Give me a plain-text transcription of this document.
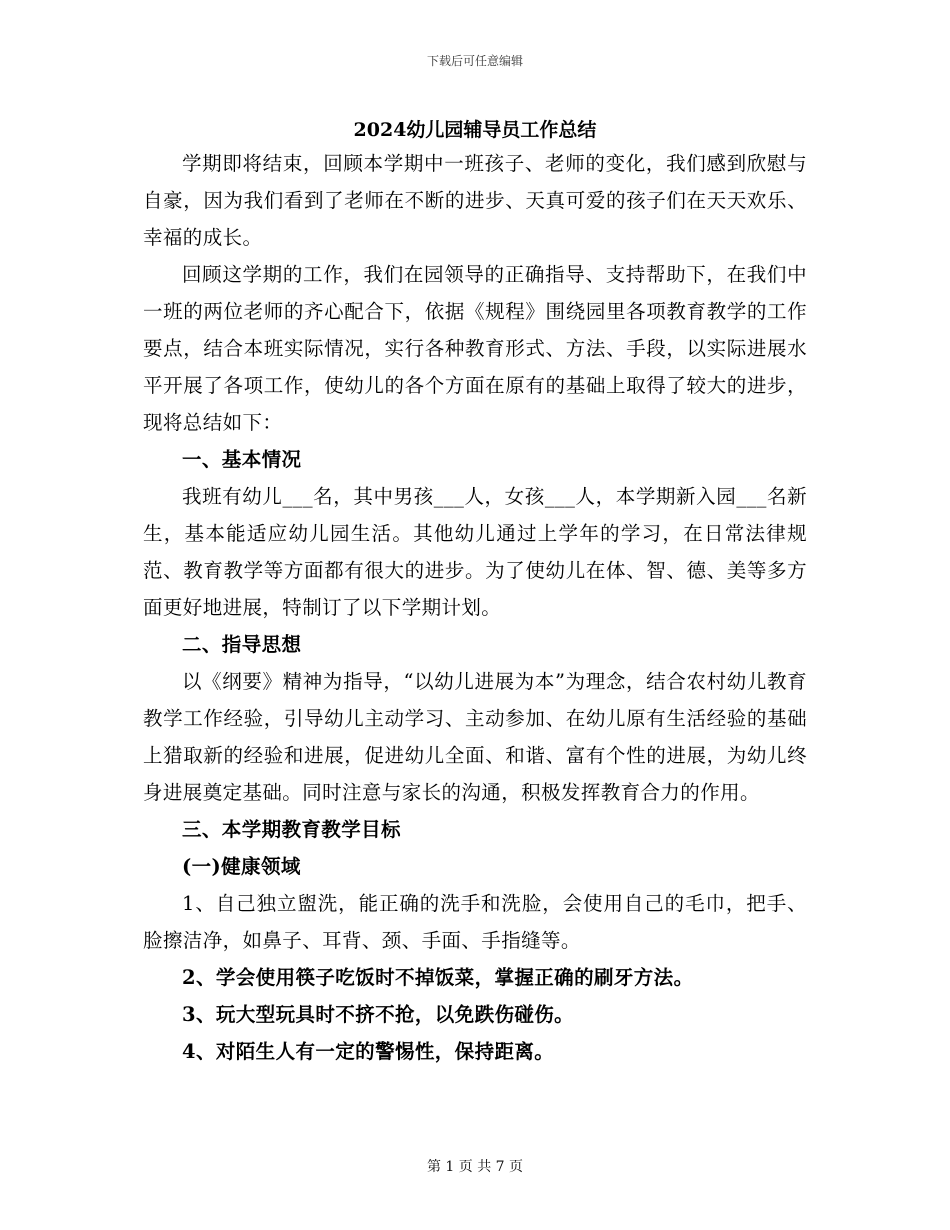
下载后可任意编辑
2024幼儿园辅导员工作总结

学期即将结束，回顾本学期中一班孩子、老师的变化，我们感到欣慰与自豪，因为我们看到了老师在不断的进步、天真可爱的孩子们在天天欢乐、幸福的成长。

回顾这学期的工作，我们在园领导的正确指导、支持帮助下，在我们中一班的两位老师的齐心配合下，依据《规程》围绕园里各项教育教学的工作要点，结合本班实际情况，实行各种教育形式、方法、手段，以实际进展水平开展了各项工作，使幼儿的各个方面在原有的基础上取得了较大的进步，现将总结如下：

一、基本情况

我班有幼儿___名，其中男孩___人，女孩___人，本学期新入园___名新生，基本能适应幼儿园生活。其他幼儿通过上学年的学习，在日常法律规范、教育教学等方面都有很大的进步。为了使幼儿在体、智、德、美等多方面更好地进展，特制订了以下学期计划。

二、指导思想

以《纲要》精神为指导，“以幼儿进展为本”为理念，结合农村幼儿教育教学工作经验，引导幼儿主动学习、主动参加、在幼儿原有生活经验的基础上猎取新的经验和进展，促进幼儿全面、和谐、富有个性的进展，为幼儿终身进展奠定基础。同时注意与家长的沟通，积极发挥教育合力的作用。

三、本学期教育教学目标

(一)健康领域

1、自己独立盥洗，能正确的洗手和洗脸，会使用自己的毛巾，把手、脸擦洁净，如鼻子、耳背、颈、手面、手指缝等。

2、学会使用筷子吃饭时不掉饭菜，掌握正确的刷牙方法。

3、玩大型玩具时不挤不抢，以免跌伤碰伤。

4、对陌生人有一定的警惕性，保持距离。

第 1 页 共 7 页
